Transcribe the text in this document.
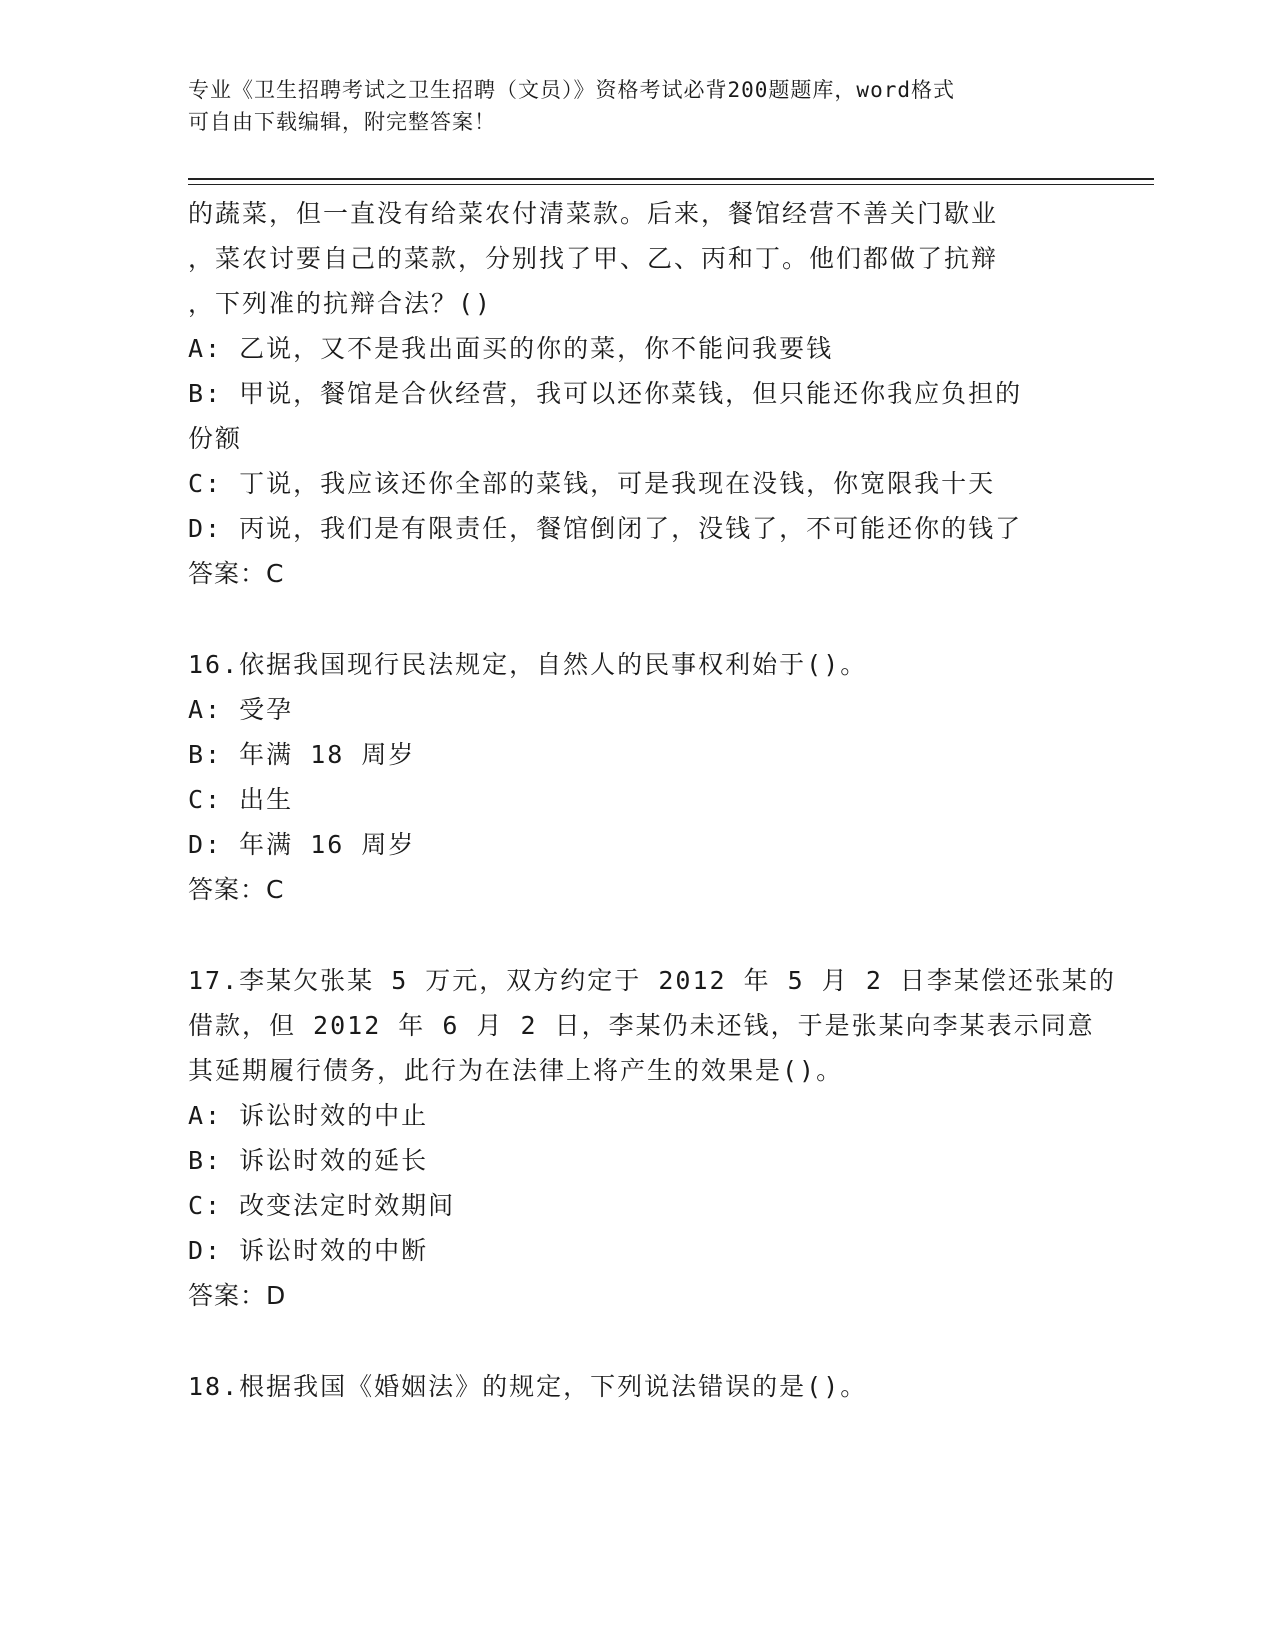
专业《卫生招聘考试之卫生招聘（文员）》资格考试必背200题题库，word格式
可自由下载编辑，附完整答案！
的蔬菜，但一直没有给菜农付清菜款。后来，餐馆经营不善关门歇业
，菜农讨要自己的菜款，分别找了甲、乙、丙和丁。他们都做了抗辩
，下列准的抗辩合法？()
A: 乙说，又不是我出面买的你的菜，你不能问我要钱
B: 甲说，餐馆是合伙经营，我可以还你菜钱，但只能还你我应负担的
份额
C: 丁说，我应该还你全部的菜钱，可是我现在没钱，你宽限我十天
D: 丙说，我们是有限责任，餐馆倒闭了，没钱了，不可能还你的钱了
答案：C
16.依据我国现行民法规定，自然人的民事权利始于()。
A: 受孕
B: 年满 18 周岁
C: 出生
D: 年满 16 周岁
答案：C
17.李某欠张某 5 万元，双方约定于 2012 年 5 月 2 日李某偿还张某的
借款，但 2012 年 6 月 2 日，李某仍未还钱，于是张某向李某表示同意
其延期履行债务，此行为在法律上将产生的效果是()。
A: 诉讼时效的中止
B: 诉讼时效的延长
C: 改变法定时效期间
D: 诉讼时效的中断
答案：D
18.根据我国《婚姻法》的规定，下列说法错误的是()。
